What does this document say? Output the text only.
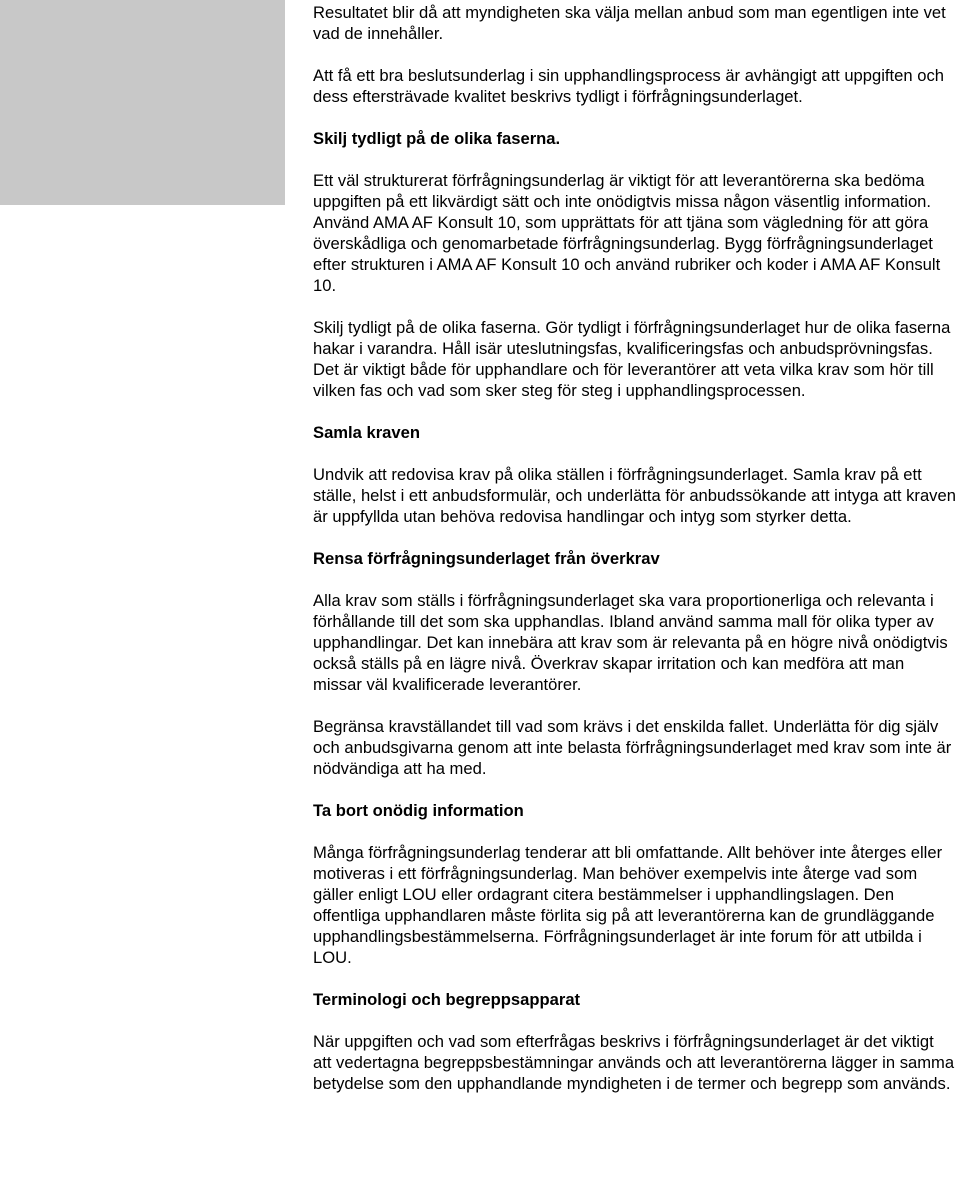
Resultatet blir då att myndigheten ska välja mellan anbud som man egentligen inte vet vad de innehåller.

Att få ett bra beslutsunderlag i sin upphandlingsprocess är avhängigt att uppgiften och dess eftersträvade kvalitet beskrivs tydligt i förfrågningsunderlaget.

Skilj tydligt på de olika faserna.

Ett väl strukturerat förfrågningsunderlag är viktigt för att leverantörerna ska bedöma uppgiften på ett likvärdigt sätt och inte onödigtvis missa någon väsentlig information. Använd AMA AF Konsult 10, som upprättats för att tjäna som vägledning för att göra överskådliga och genomarbetade förfrågningsunderlag. Bygg förfrågningsunderlaget efter strukturen i AMA AF Konsult 10 och använd rubriker och koder i AMA AF Konsult 10.

Skilj tydligt på de olika faserna. Gör tydligt i förfrågningsunderlaget hur de olika faserna hakar i varandra. Håll isär uteslutningsfas, kvalificeringsfas och anbudsprövningsfas. Det är viktigt både för upphandlare och för leverantörer att veta vilka krav som hör till vilken fas och vad som sker steg för steg i upphandlingsprocessen.

Samla kraven

Undvik att redovisa krav på olika ställen i förfrågningsunderlaget. Samla krav på ett ställe, helst i ett anbudsformulär, och underlätta för anbudssökande att intyga att kraven är uppfyllda utan behöva redovisa handlingar och intyg som styrker detta.

Rensa förfrågningsunderlaget från överkrav

Alla krav som ställs i förfrågningsunderlaget ska vara proportionerliga och relevanta i förhållande till det som ska upphandlas. Ibland använd samma mall för olika typer av upphandlingar. Det kan innebära att krav som är relevanta på en högre nivå onödigtvis också ställs på en lägre nivå. Överkrav skapar irritation och kan medföra att man missar väl kvalificerade leverantörer.

Begränsa kravställandet till vad som krävs i det enskilda fallet. Underlätta för dig själv och anbudsgivarna genom att inte belasta förfrågningsunderlaget med krav som inte är nödvändiga att ha med.

Ta bort onödig information

Många förfrågningsunderlag tenderar att bli omfattande. Allt behöver inte återges eller motiveras i ett förfrågningsunderlag. Man behöver exempelvis inte återge vad som gäller enligt LOU eller ordagrant citera bestämmelser i upphandlingslagen. Den offentliga upphandlaren måste förlita sig på att leverantörerna kan de grundläggande upphandlingsbestämmelserna. Förfrågningsunderlaget är inte forum för att utbilda i LOU.

Terminologi och begreppsapparat

När uppgiften och vad som efterfrågas beskrivs i förfrågningsunderlaget är det viktigt att vedertagna begreppsbestämningar används och att leverantörerna lägger in samma betydelse som den upphandlande myndigheten i de termer och begrepp som används.
